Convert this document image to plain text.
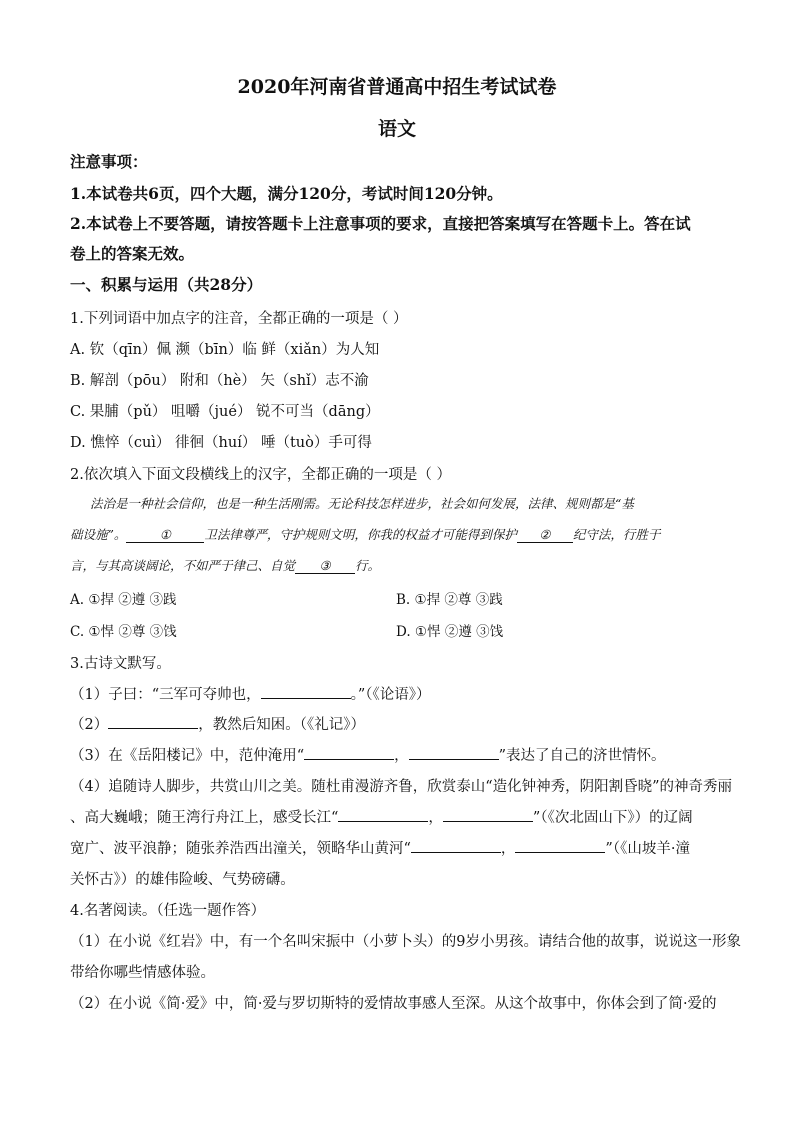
2020年河南省普通高中招生考试试卷
语文
注意事项：
1.本试卷共6页，四个大题，满分120分，考试时间120分钟。
2.本试卷上不要答题，请按答题卡上注意事项的要求，直接把答案填写在答题卡上。答在试
卷上的答案无效。
一、积累与运用（共28分）
1.下列词语中加点字的注音，全都正确的一项是（ ）
A. 钦（qīn）佩 濒（bīn）临 鲜（xiǎn）为人知
B. 解剖（pōu） 附和（hè） 矢（shǐ）志不渝
C. 果脯（pǔ） 咀嚼（jué） 锐不可当（dāng）
D. 憔悴（cuì） 徘徊（huí） 唾（tuò）手可得
2.依次填入下面文段横线上的汉字，全都正确的一项是（ ）
法治是一种社会信仰，也是一种生活刚需。无论科技怎样进步，社会如何发展，法律、规则都是“基
础设施”。	①	卫法律尊严，守护规则文明，你我的权益才可能得到保护 ② 纪守法，行胜于
言，与其高谈阔论，不如严于律己、自觉 ③ 行。
A. ①捍 ②遵 ③践	B. ①捍 ②尊 ③践
C. ①悍 ②尊 ③饯	D. ①悍 ②遵 ③饯
3.古诗文默写。
（1）子曰：“三军可夺帅也，	。”（《论语》）
（2）	，教然后知困。（《礼记》）
（3）在《岳阳楼记》中，范仲淹用“	，	”表达了自己的济世情怀。
（4）追随诗人脚步，共赏山川之美。随杜甫漫游齐鲁，欣赏泰山“造化钟神秀，阴阳割昏晓”的神奇秀丽
、高大巍峨；随王湾行舟江上，感受长江“	，	”（《次北固山下》）的辽阔
宽广、波平浪静；随张养浩西出潼关，领略华山黄河“	，	”（《山坡羊·潼
关怀古》）的雄伟险峻、气势磅礴。
4.名著阅读。（任选一题作答）
（1）在小说《红岩》中，有一个名叫宋振中（小萝卜头）的9岁小男孩。请结合他的故事，说说这一形象
带给你哪些情感体验。
（2）在小说《简·爱》中，简·爱与罗切斯特的爱情故事感人至深。从这个故事中，你体会到了简·爱的
